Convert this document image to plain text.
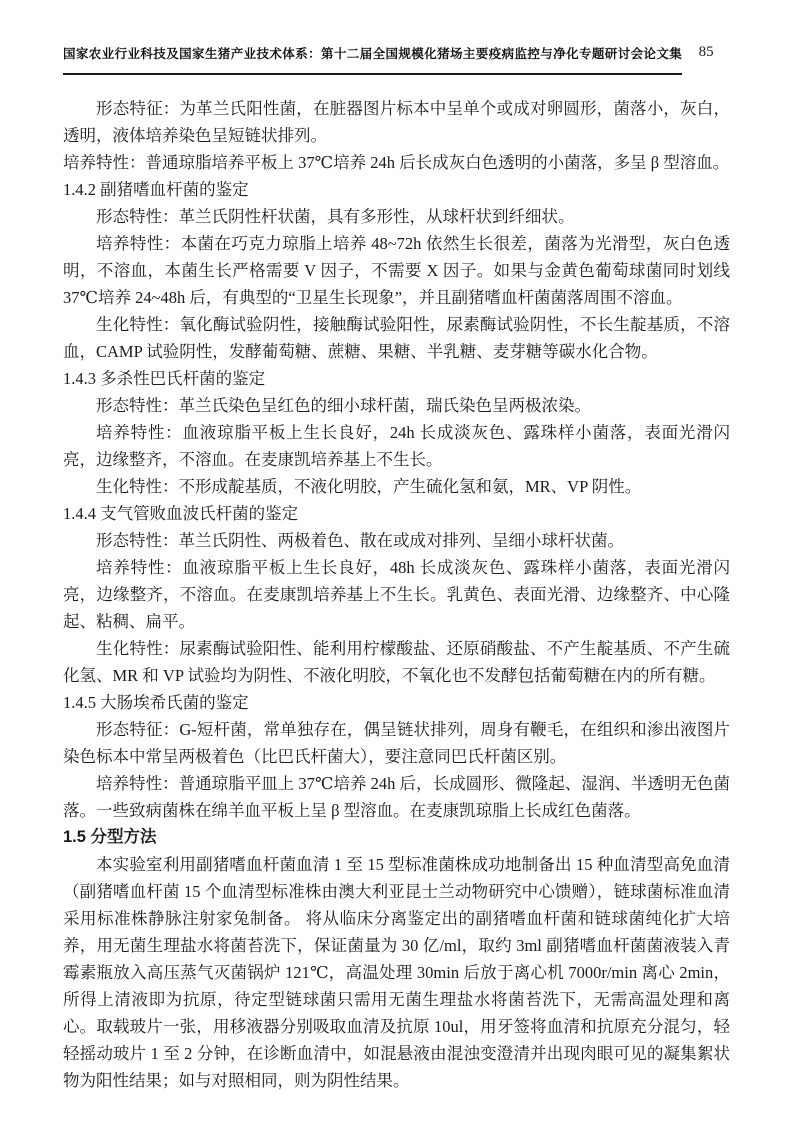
国家农业行业科技及国家生猪产业技术体系：第十二届全国规模化猪场主要疫病监控与净化专题研讨会论文集	85

形态特征：为革兰氏阳性菌，在脏器图片标本中呈单个或成对卵圆形，菌落小，灰白，透明，液体培养染色呈短链状排列。

培养特性：普通琼脂培养平板上 37℃培养 24h 后长成灰白色透明的小菌落，多呈 β 型溶血。

1.4.2 副猪嗜血杆菌的鉴定

形态特性：革兰氏阴性杆状菌，具有多形性，从球杆状到纤细状。

培养特性：本菌在巧克力琼脂上培养 48~72h 依然生长很差，菌落为光滑型，灰白色透明，不溶血，本菌生长严格需要 V 因子，不需要 X 因子。如果与金黄色葡萄球菌同时划线 37℃培养 24~48h 后，有典型的“卫星生长现象”，并且副猪嗜血杆菌菌落周围不溶血。

生化特性：氧化酶试验阴性，接触酶试验阳性，尿素酶试验阴性，不长生靛基质，不溶血，CAMP 试验阴性，发酵葡萄糖、蔗糖、果糖、半乳糖、麦芽糖等碳水化合物。

1.4.3 多杀性巴氏杆菌的鉴定

形态特性：革兰氏染色呈红色的细小球杆菌，瑞氏染色呈两极浓染。

培养特性：血液琼脂平板上生长良好，24h 长成淡灰色、露珠样小菌落，表面光滑闪亮，边缘整齐，不溶血。在麦康凯培养基上不生长。

生化特性：不形成靛基质，不液化明胶，产生硫化氢和氨，MR、VP 阴性。

1.4.4 支气管败血波氏杆菌的鉴定

形态特性：革兰氏阴性、两极着色、散在或成对排列、呈细小球杆状菌。

培养特性：血液琼脂平板上生长良好，48h 长成淡灰色、露珠样小菌落，表面光滑闪亮，边缘整齐，不溶血。在麦康凯培养基上不生长。乳黄色、表面光滑、边缘整齐、中心隆起、粘稠、扁平。

生化特性：尿素酶试验阳性、能利用柠檬酸盐、还原硝酸盐、不产生靛基质、不产生硫化氢、MR 和 VP 试验均为阴性、不液化明胶，不氧化也不发酵包括葡萄糖在内的所有糖。

1.4.5 大肠埃希氏菌的鉴定

形态特征：G-短杆菌，常单独存在，偶呈链状排列，周身有鞭毛，在组织和渗出液图片染色标本中常呈两极着色（比巴氏杆菌大），要注意同巴氏杆菌区别。

培养特性：普通琼脂平皿上 37℃培养 24h 后，长成圆形、微隆起、湿润、半透明无色菌落。一些致病菌株在绵羊血平板上呈 β 型溶血。在麦康凯琼脂上长成红色菌落。

1.5 分型方法

本实验室利用副猪嗜血杆菌血清 1 至 15 型标准菌株成功地制备出 15 种血清型高免血清（副猪嗜血杆菌 15 个血清型标准株由澳大利亚昆士兰动物研究中心馈赠），链球菌标准血清采用标准株静脉注射家兔制备。 将从临床分离鉴定出的副猪嗜血杆菌和链球菌纯化扩大培养，用无菌生理盐水将菌苔洗下，保证菌量为 30 亿/ml，取约 3ml 副猪嗜血杆菌菌液装入青霉素瓶放入高压蒸气灭菌锅炉 121℃，高温处理 30min 后放于离心机 7000r/min 离心 2min，所得上清液即为抗原，待定型链球菌只需用无菌生理盐水将菌苔洗下，无需高温处理和离心。取载玻片一张，用移液器分别吸取血清及抗原 10ul，用牙签将血清和抗原充分混匀，轻轻摇动玻片 1 至 2 分钟，在诊断血清中，如混悬液由混浊变澄清并出现肉眼可见的凝集絮状物为阳性结果；如与对照相同，则为阴性结果。
